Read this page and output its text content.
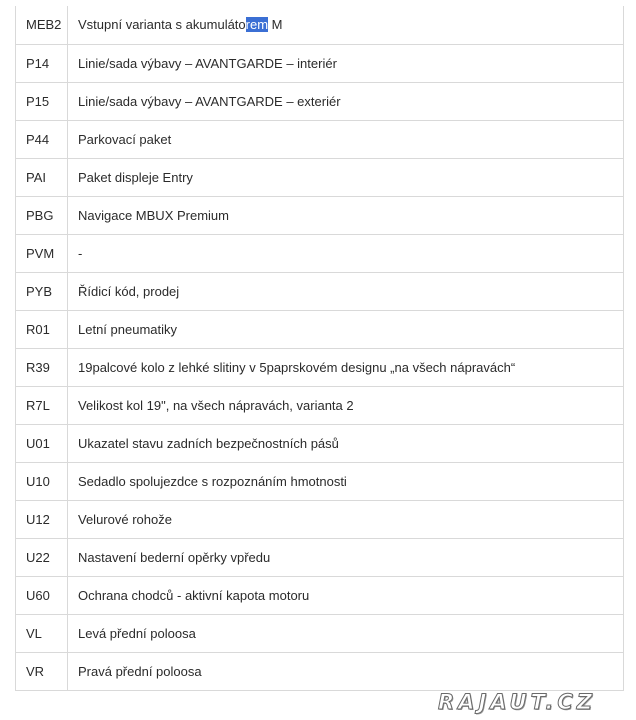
MEB2	Vstupní varianta s akumulátorem M
P14	Linie/sada výbavy – AVANTGARDE – interiér
P15	Linie/sada výbavy – AVANTGARDE – exteriér
P44	Parkovací paket
PAI	Paket displeje Entry
PBG	Navigace MBUX Premium
PVM	-
PYB	Řídicí kód, prodej
R01	Letní pneumatiky
R39	19palcové kolo z lehké slitiny v 5paprskovém designu „na všech nápravách“
R7L	Velikost kol 19", na všech nápravách, varianta 2
U01	Ukazatel stavu zadních bezpečnostních pásů
U10	Sedadlo spolujezdce s rozpoznáním hmotnosti
U12	Velurové rohože
U22	Nastavení bederní opěrky vpředu
U60	Ochrana chodců - aktivní kapota motoru
VL	Levá přední poloosa
VR	Pravá přední poloosa
RAJAUT.CZ
